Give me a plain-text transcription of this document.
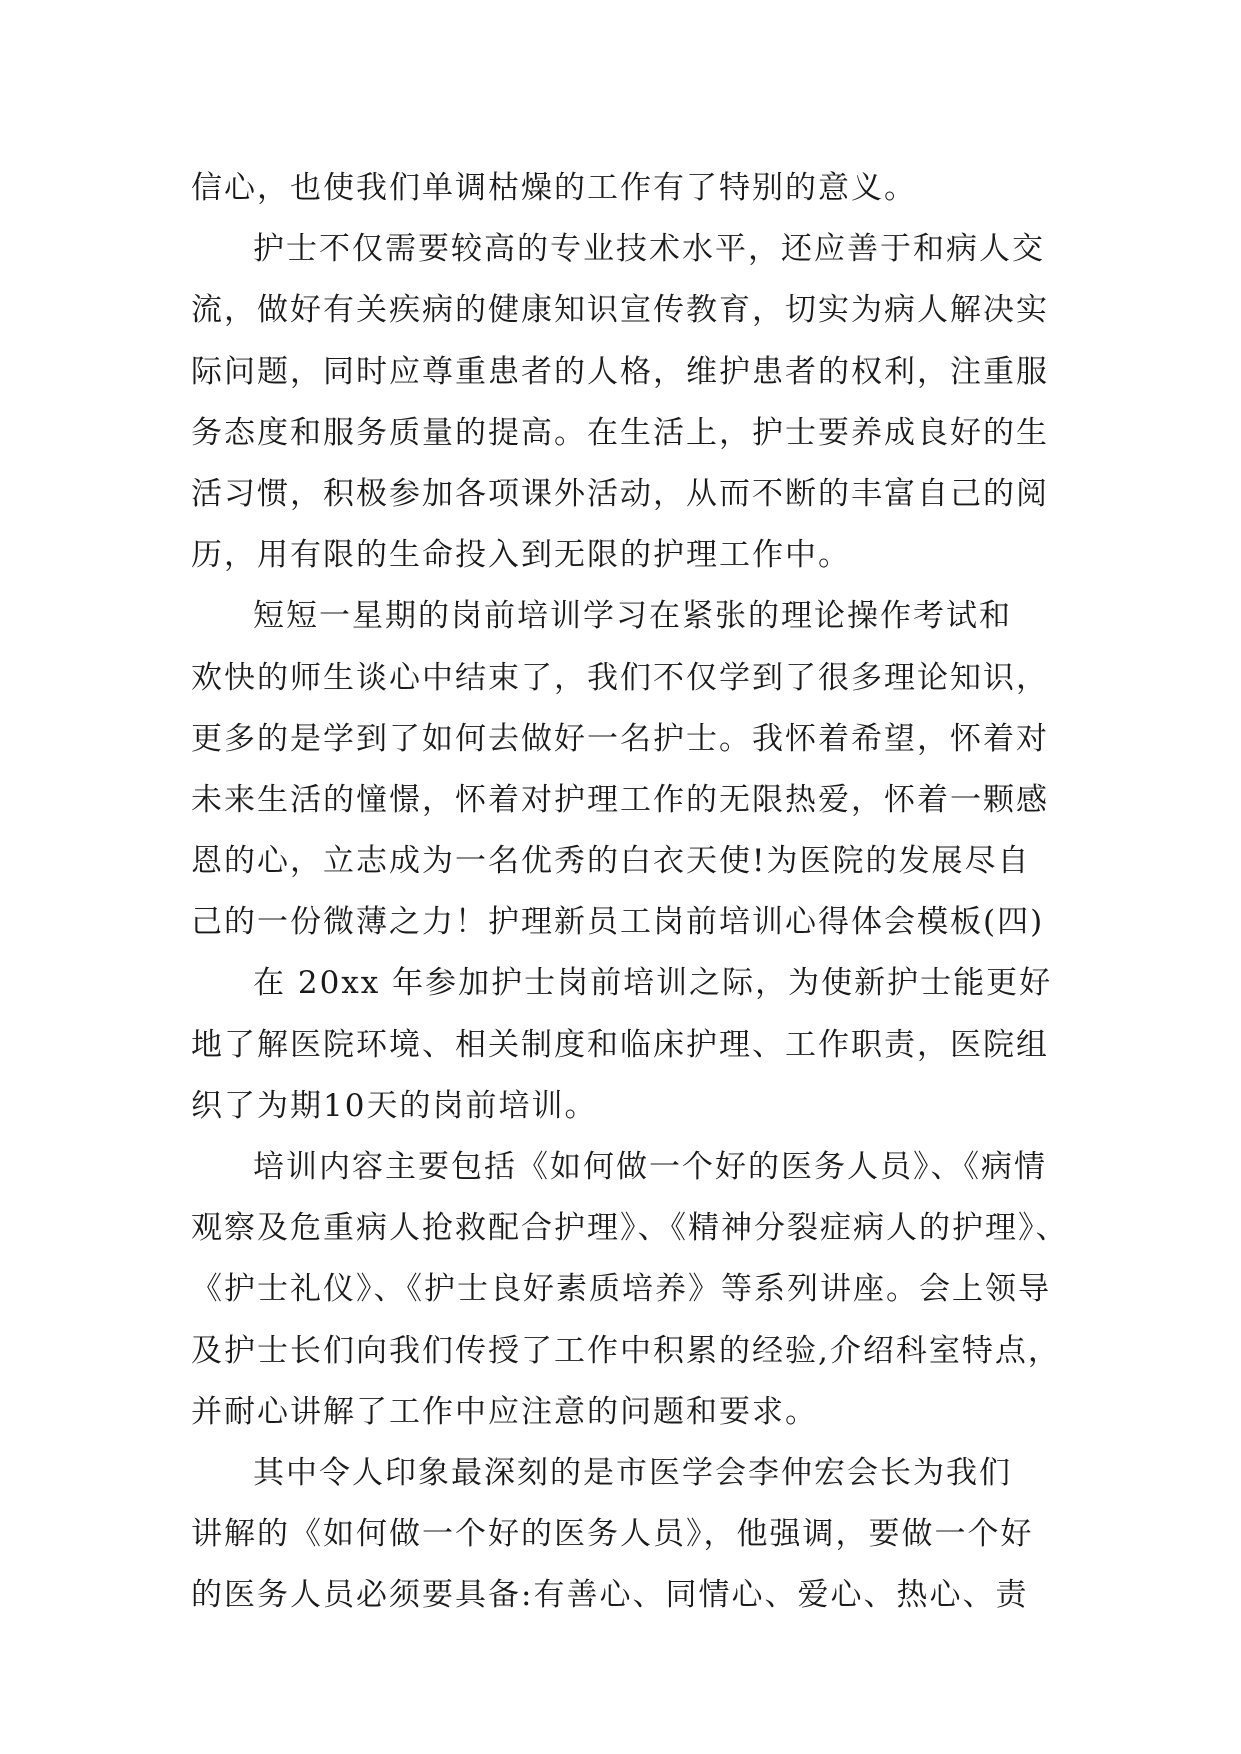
信心，也使我们单调枯燥的工作有了特别的意义。
护士不仅需要较高的专业技术水平，还应善于和病人交
流，做好有关疾病的健康知识宣传教育，切实为病人解决实
际问题，同时应尊重患者的人格，维护患者的权利，注重服
务态度和服务质量的提高。在生活上，护士要养成良好的生
活习惯，积极参加各项课外活动，从而不断的丰富自己的阅
历，用有限的生命投入到无限的护理工作中。
短短一星期的岗前培训学习在紧张的理论操作考试和
欢快的师生谈心中结束了，我们不仅学到了很多理论知识，
更多的是学到了如何去做好一名护士。我怀着希望，怀着对
未来生活的憧憬，怀着对护理工作的无限热爱，怀着一颗感
恩的心，立志成为一名优秀的白衣天使!为医院的发展尽自
己的一份微薄之力！护理新员工岗前培训心得体会模板(四)
在 20xx 年参加护士岗前培训之际，为使新护士能更好
地了解医院环境、相关制度和临床护理、工作职责，医院组
织了为期10天的岗前培训。
培训内容主要包括《如何做一个好的医务人员》、《病情
观察及危重病人抢救配合护理》、《精神分裂症病人的护理》、
《护士礼仪》、《护士良好素质培养》等系列讲座。会上领导
及护士长们向我们传授了工作中积累的经验,介绍科室特点，
并耐心讲解了工作中应注意的问题和要求。
其中令人印象最深刻的是市医学会李仲宏会长为我们
讲解的《如何做一个好的医务人员》，他强调，要做一个好
的医务人员必须要具备:有善心、同情心、爱心、热心、责
